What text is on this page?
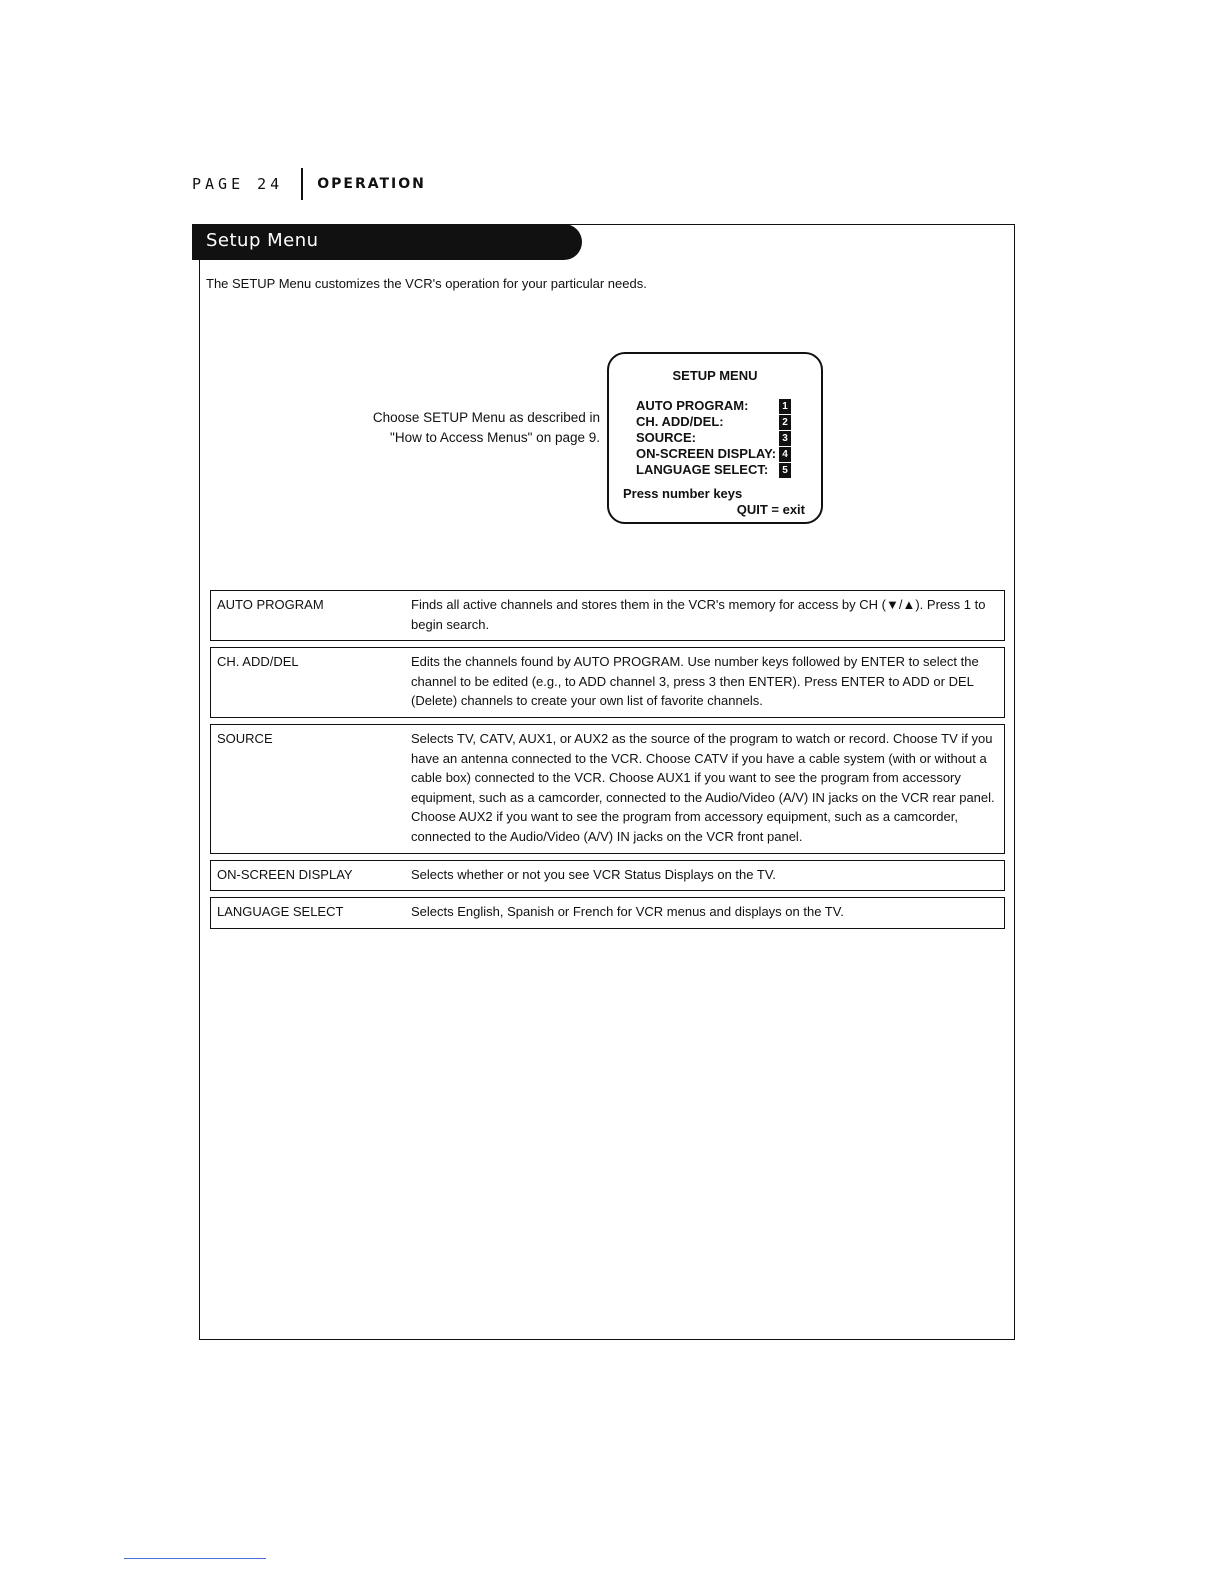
PAGE 24 OPERATION
Setup Menu
The SETUP Menu customizes the VCR's operation for your particular needs.
Choose SETUP Menu as described in
"How to Access Menus" on page 9.
SETUP MENU
AUTO PROGRAM:	1
CH. ADD/DEL:	2
SOURCE:	3
ON-SCREEN DISPLAY: 4
LANGUAGE SELECT:	5
Press number keys
QUIT = exit
AUTO PROGRAM	Finds all active channels and stores them in the VCR's memory for access by CH (▼/▲). Press 1 to begin search.

CH. ADD/DEL	Edits the channels found by AUTO PROGRAM. Use number keys followed by ENTER to select the channel to be edited (e.g., to ADD channel 3, press 3 then ENTER). Press ENTER to ADD or DEL (Delete) channels to create your own list of favorite channels.

SOURCE	Selects TV, CATV, AUX1, or AUX2 as the source of the program to watch or record. Choose TV if you have an antenna connected to the VCR. Choose CATV if you have a cable system (with or without a cable box) connected to the VCR. Choose AUX1 if you want to see the program from accessory equipment, such as a camcorder, connected to the Audio/Video (A/V) IN jacks on the VCR rear panel. Choose AUX2 if you want to see the program from accessory equipment, such as a camcorder, connected to the Audio/Video (A/V) IN jacks on the VCR front panel.

ON-SCREEN DISPLAY	Selects whether or not you see VCR Status Displays on the TV.

LANGUAGE SELECT	Selects English, Spanish or French for VCR menus and displays on the TV.
